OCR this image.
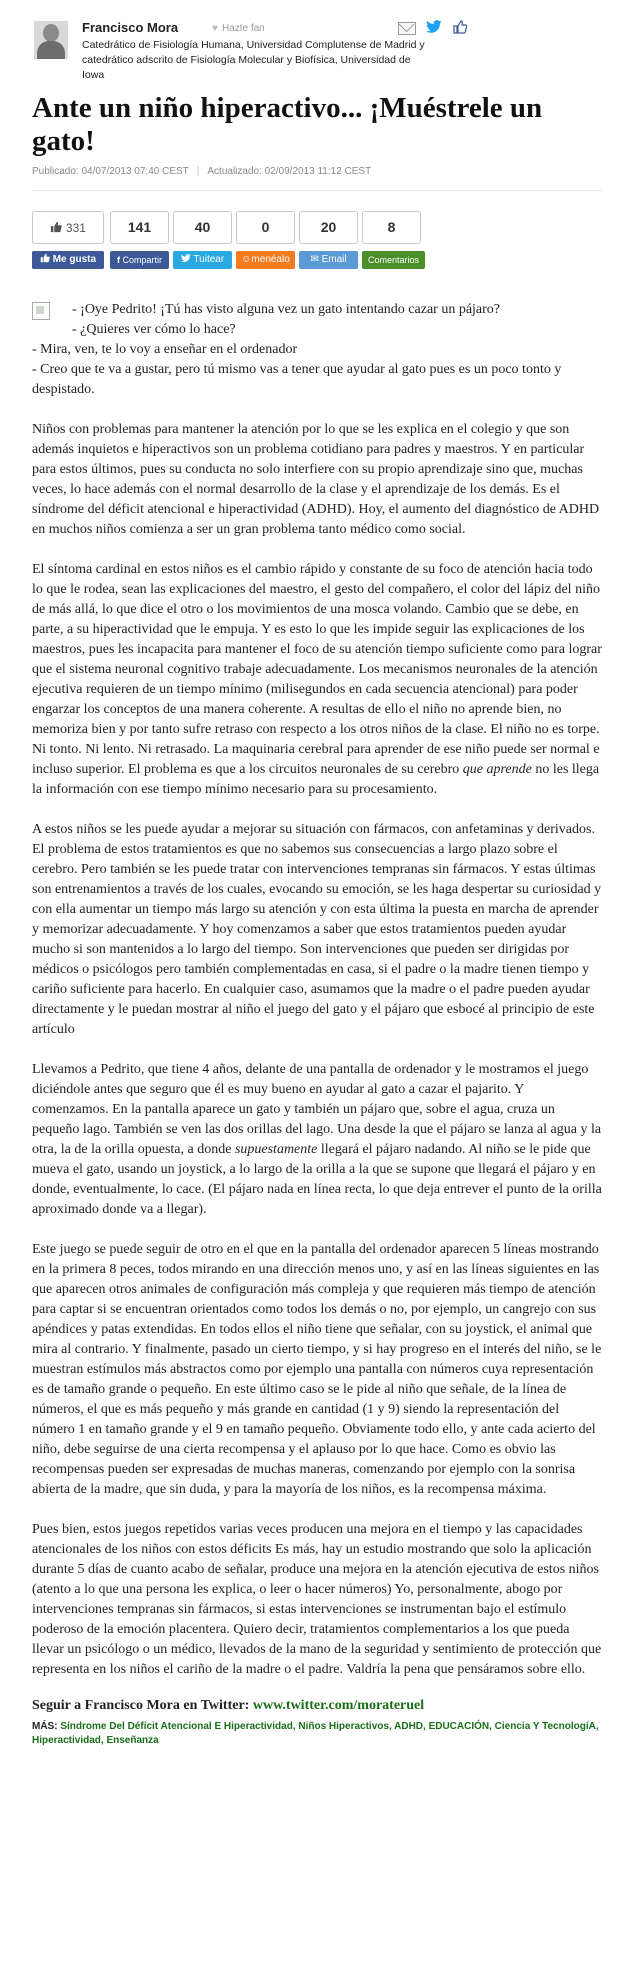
Francisco Mora	♥ Hazte fan
Catedrático de Fisiología Humana, Universidad Complutense de Madrid y catedrático adscrito de Fisiología Molecular y Biofísica, Universidad de Iowa

Ante un niño hiperactivo... ¡Muéstrele un gato!
Publicado: 04/07/2013 07:40 CEST | Actualizado: 02/09/2013 11:12 CEST
331	141	40	0	20	8
Me gusta	f Compartir	Tuitear	☺menéalo	✉ Email	Comentarios
- ¡Oye Pedrito! ¡Tú has visto alguna vez un gato intentando cazar un pájaro?
- ¿Quieres ver cómo lo hace?
- Mira, ven, te lo voy a enseñar en el ordenador
- Creo que te va a gustar, pero tú mismo vas a tener que ayudar al gato pues es un poco tonto y despistado.

Niños con problemas para mantener la atención por lo que se les explica en el colegio y que son además inquietos e hiperactivos son un problema cotidiano para padres y maestros. Y en particular para estos últimos, pues su conducta no solo interfiere con su propio aprendizaje sino que, muchas veces, lo hace además con el normal desarrollo de la clase y el aprendizaje de los demás. Es el síndrome del déficit atencional e hiperactividad (ADHD). Hoy, el aumento del diagnóstico de ADHD en muchos niños comienza a ser un gran problema tanto médico como social.

El síntoma cardinal en estos niños es el cambio rápido y constante de su foco de atención hacia todo lo que le rodea, sean las explicaciones del maestro, el gesto del compañero, el color del lápiz del niño de más allá, lo que dice el otro o los movimientos de una mosca volando. Cambio que se debe, en parte, a su hiperactividad que le empuja. Y es esto lo que les impide seguir las explicaciones de los maestros, pues les incapacita para mantener el foco de su atención tiempo suficiente como para lograr que el sistema neuronal cognitivo trabaje adecuadamente. Los mecanismos neuronales de la atención ejecutiva requieren de un tiempo mínimo (milisegundos en cada secuencia atencional) para poder engarzar los conceptos de una manera coherente. A resultas de ello el niño no aprende bien, no memoriza bien y por tanto sufre retraso con respecto a los otros niños de la clase. El niño no es torpe. Ni tonto. Ni lento. Ni retrasado. La maquinaria cerebral para aprender de ese niño puede ser normal e incluso superior. El problema es que a los circuitos neuronales de su cerebro que aprende no les llega la información con ese tiempo mínimo necesario para su procesamiento.

A estos niños se les puede ayudar a mejorar su situación con fármacos, con anfetaminas y derivados. El problema de estos tratamientos es que no sabemos sus consecuencias a largo plazo sobre el cerebro. Pero también se les puede tratar con intervenciones tempranas sin fármacos. Y estas últimas son entrenamientos a través de los cuales, evocando su emoción, se les haga despertar su curiosidad y con ella aumentar un tiempo más largo su atención y con esta última la puesta en marcha de aprender y memorizar adecuadamente. Y hoy comenzamos a saber que estos tratamientos pueden ayudar mucho si son mantenidos a lo largo del tiempo. Son intervenciones que pueden ser dirigidas por médicos o psicólogos pero también complementadas en casa, si el padre o la madre tienen tiempo y cariño suficiente para hacerlo. En cualquier caso, asumamos que la madre o el padre pueden ayudar directamente y le puedan mostrar al niño el juego del gato y el pájaro que esbocé al principio de este artículo

Llevamos a Pedrito, que tiene 4 años, delante de una pantalla de ordenador y le mostramos el juego diciéndole antes que seguro que él es muy bueno en ayudar al gato a cazar el pajarito. Y comenzamos. En la pantalla aparece un gato y también un pájaro que, sobre el agua, cruza un pequeño lago. También se ven las dos orillas del lago. Una desde la que el pájaro se lanza al agua y la otra, la de la orilla opuesta, a donde supuestamente llegará el pájaro nadando. Al niño se le pide que mueva el gato, usando un joystick, a lo largo de la orilla a la que se supone que llegará el pájaro y en donde, eventualmente, lo cace. (El pájaro nada en línea recta, lo que deja entrever el punto de la orilla aproximado donde va a llegar).

Este juego se puede seguir de otro en el que en la pantalla del ordenador aparecen 5 líneas mostrando en la primera 8 peces, todos mirando en una dirección menos uno, y así en las líneas siguientes en las que aparecen otros animales de configuración más compleja y que requieren más tiempo de atención para captar si se encuentran orientados como todos los demás o no, por ejemplo, un cangrejo con sus apéndices y patas extendidas. En todos ellos el niño tiene que señalar, con su joystick, el animal que mira al contrario. Y finalmente, pasado un cierto tiempo, y si hay progreso en el interés del niño, se le muestran estímulos más abstractos como por ejemplo una pantalla con números cuya representación es de tamaño grande o pequeño. En este último caso se le pide al niño que señale, de la línea de números, el que es más pequeño y más grande en cantidad (1 y 9) siendo la representación del número 1 en tamaño grande y el 9 en tamaño pequeño. Obviamente todo ello, y ante cada acierto del niño, debe seguirse de una cierta recompensa y el aplauso por lo que hace. Como es obvio las recompensas pueden ser expresadas de muchas maneras, comenzando por ejemplo con la sonrisa abierta de la madre, que sin duda, y para la mayoría de los niños, es la recompensa máxima.

Pues bien, estos juegos repetidos varias veces producen una mejora en el tiempo y las capacidades atencionales de los niños con estos déficits Es más, hay un estudio mostrando que solo la aplicación durante 5 días de cuanto acabo de señalar, produce una mejora en la atención ejecutiva de estos niños (atento a lo que una persona les explica, o leer o hacer números) Yo, personalmente, abogo por intervenciones tempranas sin fármacos, si estas intervenciones se instrumentan bajo el estímulo poderoso de la emoción placentera. Quiero decir, tratamientos complementarios a los que pueda llevar un psicólogo o un médico, llevados de la mano de la seguridad y sentimiento de protección que representa en los niños el cariño de la madre o el padre. Valdría la pena que pensáramos sobre ello.

Seguir a Francisco Mora en Twitter: www.twitter.com/morateruel
MÁS: Síndrome Del Déficit Atencional E Hiperactividad, Niños Hiperactivos, ADHD, EDUCACIÓN, Ciencia Y TecnologíA, Hiperactividad, Enseñanza
